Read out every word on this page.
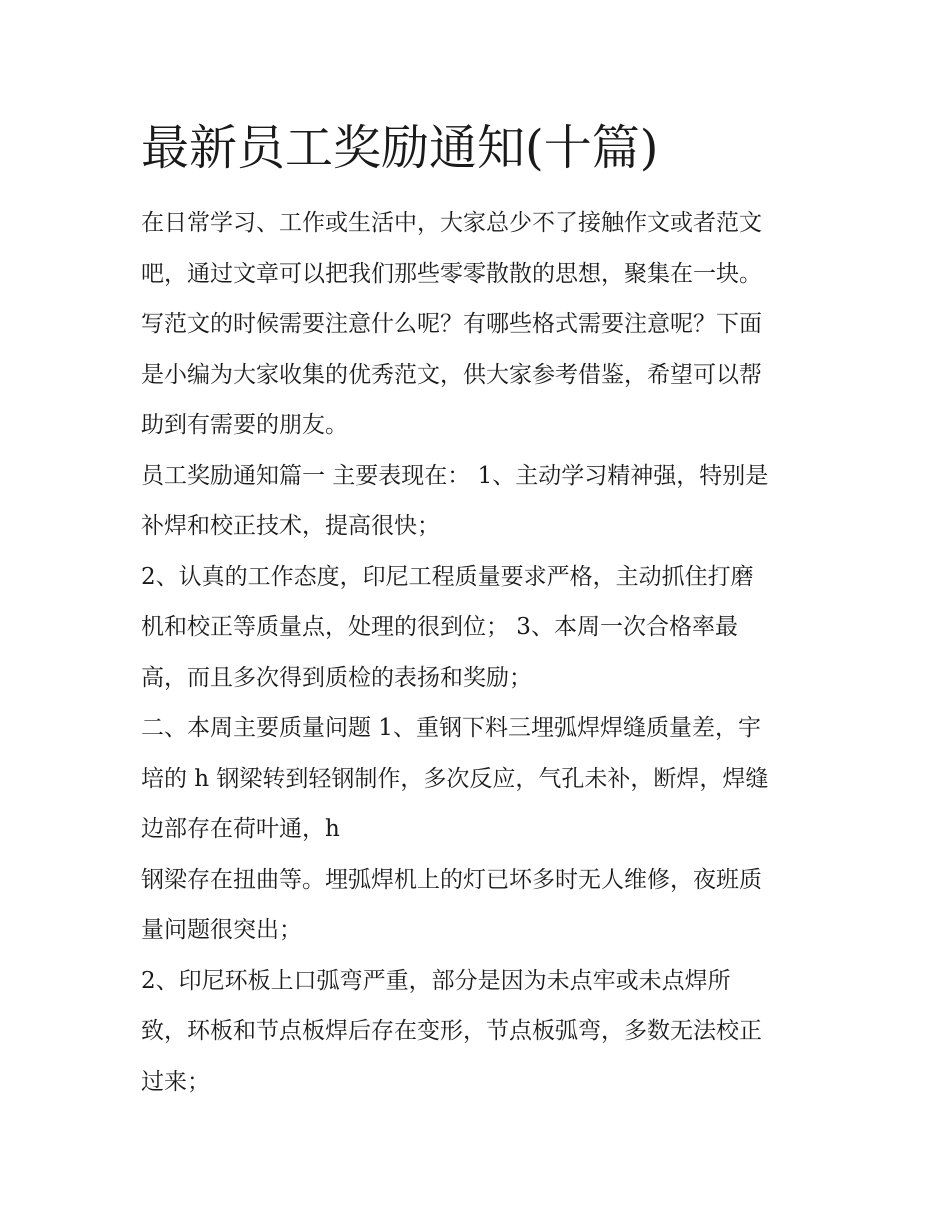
最新员工奖励通知(十篇)
在日常学习、工作或生活中，大家总少不了接触作文或者范文
吧，通过文章可以把我们那些零零散散的思想，聚集在一块。
写范文的时候需要注意什么呢？有哪些格式需要注意呢？下面
是小编为大家收集的优秀范文，供大家参考借鉴，希望可以帮
助到有需要的朋友。
员工奖励通知篇一 主要表现在： 1、主动学习精神强，特别是
补焊和校正技术，提高很快；
2、认真的工作态度，印尼工程质量要求严格，主动抓住打磨
机和校正等质量点，处理的很到位； 3、本周一次合格率最
高，而且多次得到质检的表扬和奖励；
二、本周主要质量问题 1、重钢下料三埋弧焊焊缝质量差，宇
培的 h 钢梁转到轻钢制作，多次反应，气孔未补，断焊，焊缝
边部存在荷叶通，h
钢梁存在扭曲等。埋弧焊机上的灯已坏多时无人维修，夜班质
量问题很突出；
2、印尼环板上口弧弯严重，部分是因为未点牢或未点焊所
致，环板和节点板焊后存在变形，节点板弧弯，多数无法校正
过来；
